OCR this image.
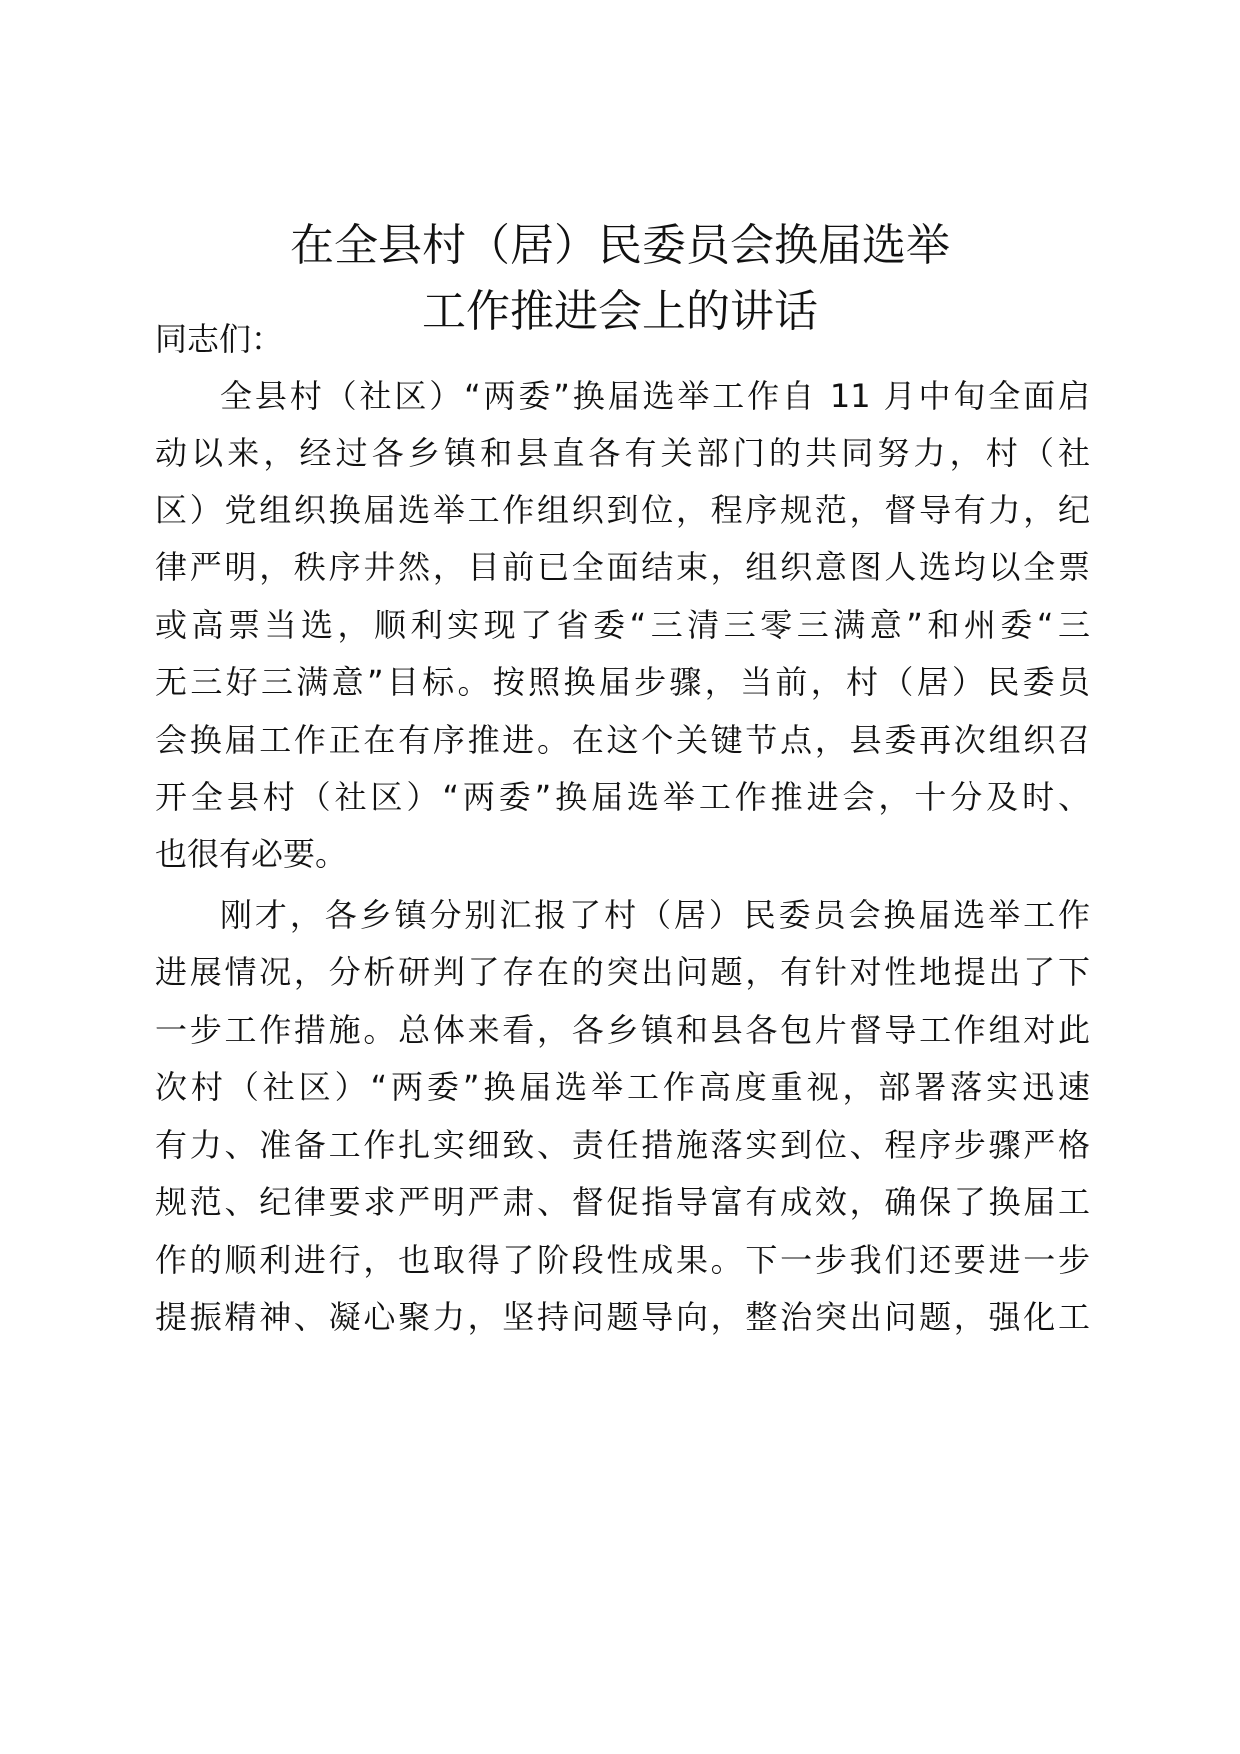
在全县村（居）民委员会换届选举
工作推进会上的讲话
同志们：
全县村（社区）“两委”换届选举工作自 11 月中旬全面启
动以来，经过各乡镇和县直各有关部门的共同努力，村（社
区）党组织换届选举工作组织到位，程序规范，督导有力，纪
律严明，秩序井然，目前已全面结束，组织意图人选均以全票
或高票当选，顺利实现了省委“三清三零三满意”和州委“三
无三好三满意”目标。按照换届步骤，当前，村（居）民委员
会换届工作正在有序推进。在这个关键节点，县委再次组织召
开全县村（社区）“两委”换届选举工作推进会，十分及时、
也很有必要。
刚才，各乡镇分别汇报了村（居）民委员会换届选举工作
进展情况，分析研判了存在的突出问题，有针对性地提出了下
一步工作措施。总体来看，各乡镇和县各包片督导工作组对此
次村（社区）“两委”换届选举工作高度重视，部署落实迅速
有力、准备工作扎实细致、责任措施落实到位、程序步骤严格
规范、纪律要求严明严肃、督促指导富有成效，确保了换届工
作的顺利进行，也取得了阶段性成果。下一步我们还要进一步
提振精神、凝心聚力，坚持问题导向，整治突出问题，强化工
